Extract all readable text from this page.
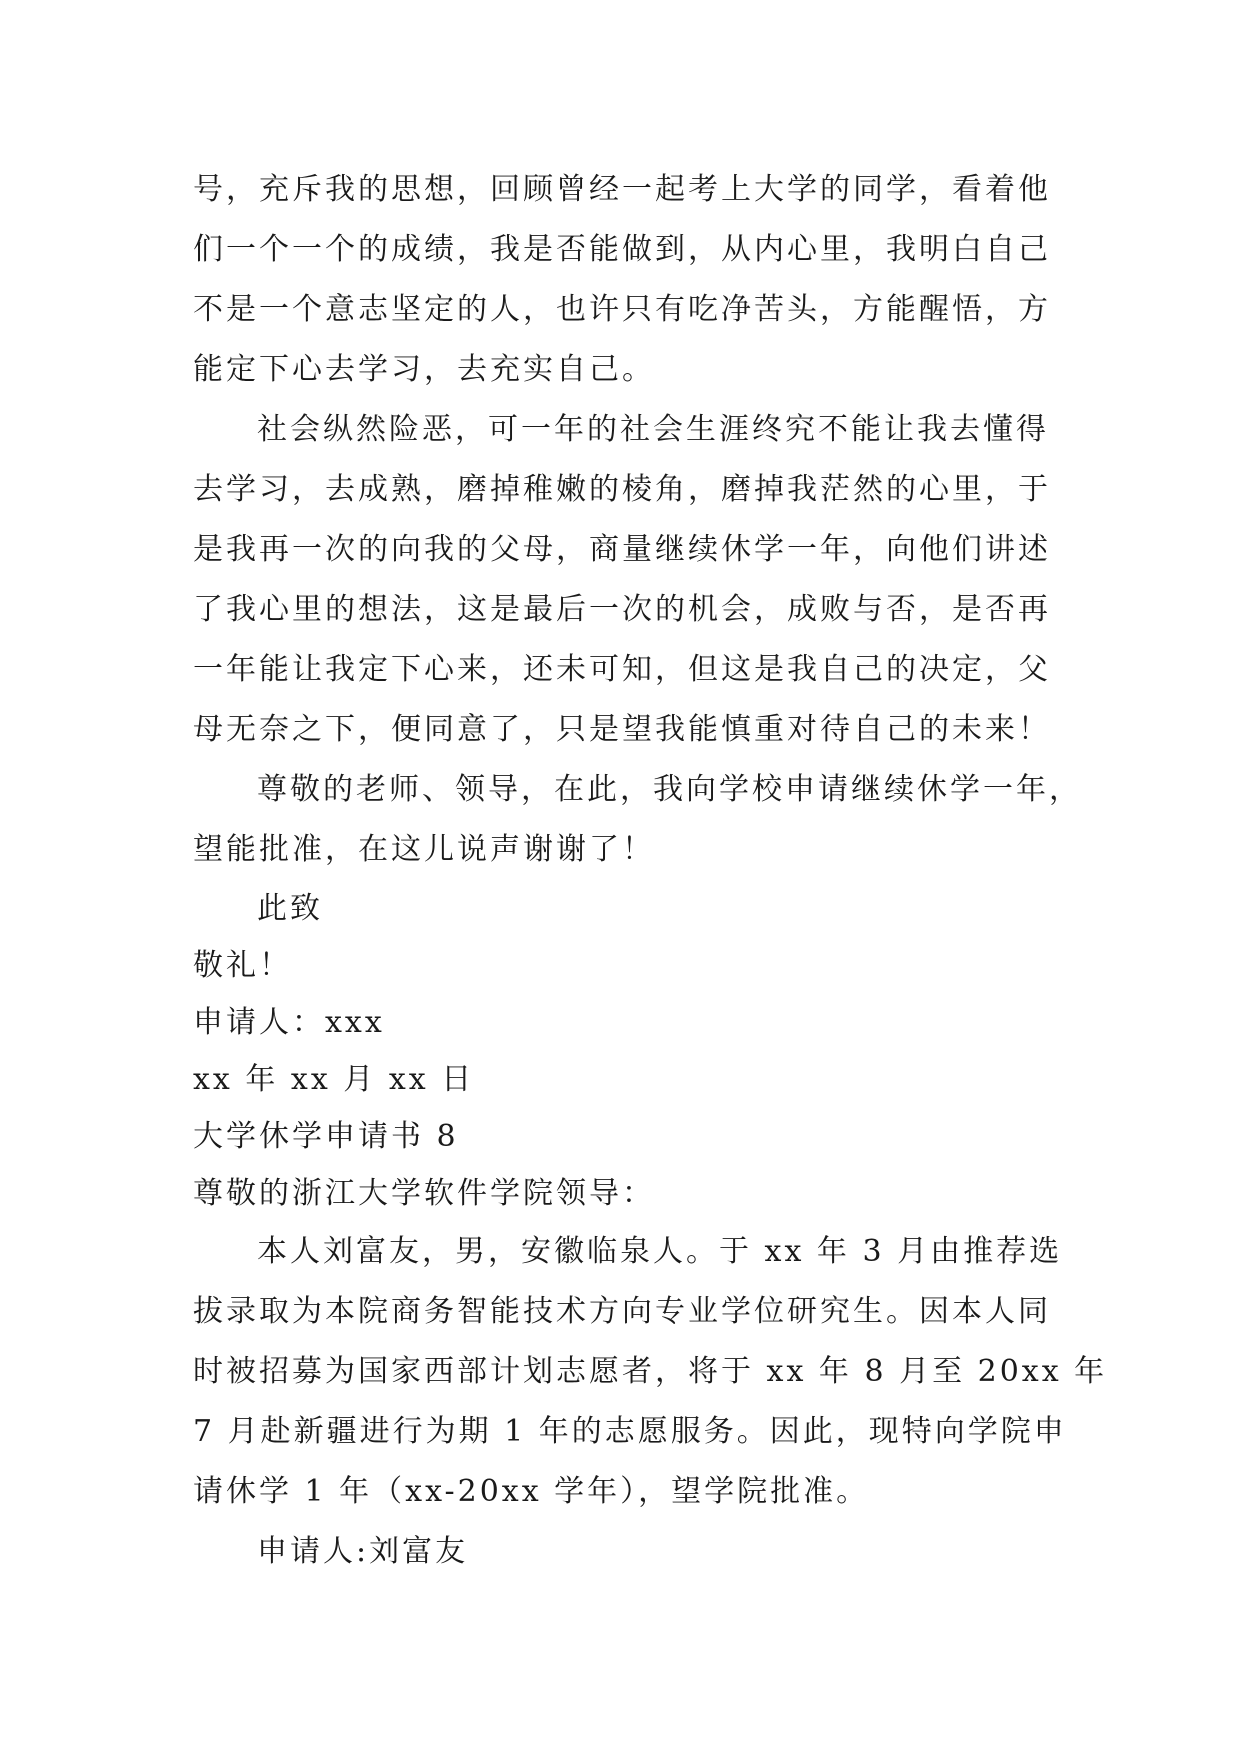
号，充斥我的思想，回顾曾经一起考上大学的同学，看着他
们一个一个的成绩，我是否能做到，从内心里，我明白自己
不是一个意志坚定的人，也许只有吃净苦头，方能醒悟，方
能定下心去学习，去充实自己。
社会纵然险恶，可一年的社会生涯终究不能让我去懂得
去学习，去成熟，磨掉稚嫩的棱角，磨掉我茫然的心里，于
是我再一次的向我的父母，商量继续休学一年，向他们讲述
了我心里的想法，这是最后一次的机会，成败与否，是否再
一年能让我定下心来，还未可知，但这是我自己的决定，父
母无奈之下，便同意了，只是望我能慎重对待自己的未来！
尊敬的老师、领导，在此，我向学校申请继续休学一年，
望能批准，在这儿说声谢谢了！
此致
敬礼！
申请人：xxx
xx 年 xx 月 xx 日
大学休学申请书 8
尊敬的浙江大学软件学院领导：
本人刘富友，男，安徽临泉人。于 xx 年 3 月由推荐选
拔录取为本院商务智能技术方向专业学位研究生。因本人同
时被招募为国家西部计划志愿者，将于 xx 年 8 月至 20xx 年
7 月赴新疆进行为期 1 年的志愿服务。因此，现特向学院申
请休学 1 年（xx-20xx 学年），望学院批准。
申请人:刘富友
